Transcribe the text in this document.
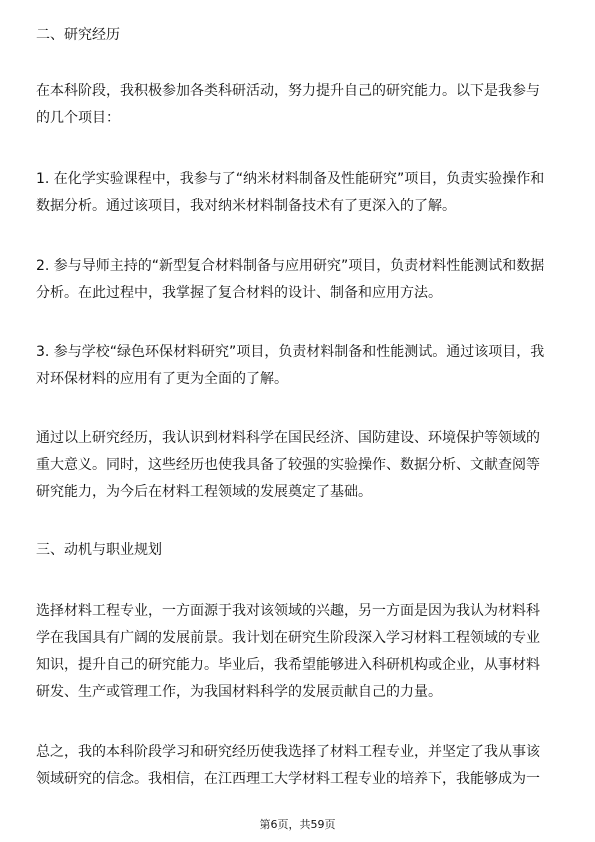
二、研究经历
在本科阶段，我积极参加各类科研活动，努力提升自己的研究能力。以下是我参与
的几个项目：
1. 在化学实验课程中，我参与了“纳米材料制备及性能研究”项目，负责实验操作和
数据分析。通过该项目，我对纳米材料制备技术有了更深入的了解。
2. 参与导师主持的“新型复合材料制备与应用研究”项目，负责材料性能测试和数据
分析。在此过程中，我掌握了复合材料的设计、制备和应用方法。
3. 参与学校“绿色环保材料研究”项目，负责材料制备和性能测试。通过该项目，我
对环保材料的应用有了更为全面的了解。
通过以上研究经历，我认识到材料科学在国民经济、国防建设、环境保护等领域的
重大意义。同时，这些经历也使我具备了较强的实验操作、数据分析、文献查阅等
研究能力，为今后在材料工程领域的发展奠定了基础。
三、动机与职业规划
选择材料工程专业，一方面源于我对该领域的兴趣，另一方面是因为我认为材料科
学在我国具有广阔的发展前景。我计划在研究生阶段深入学习材料工程领域的专业
知识，提升自己的研究能力。毕业后，我希望能够进入科研机构或企业，从事材料
研发、生产或管理工作，为我国材料科学的发展贡献自己的力量。
总之，我的本科阶段学习和研究经历使我选择了材料工程专业，并坚定了我从事该
领域研究的信念。我相信，在江西理工大学材料工程专业的培养下，我能够成为一
第6页，共59页
